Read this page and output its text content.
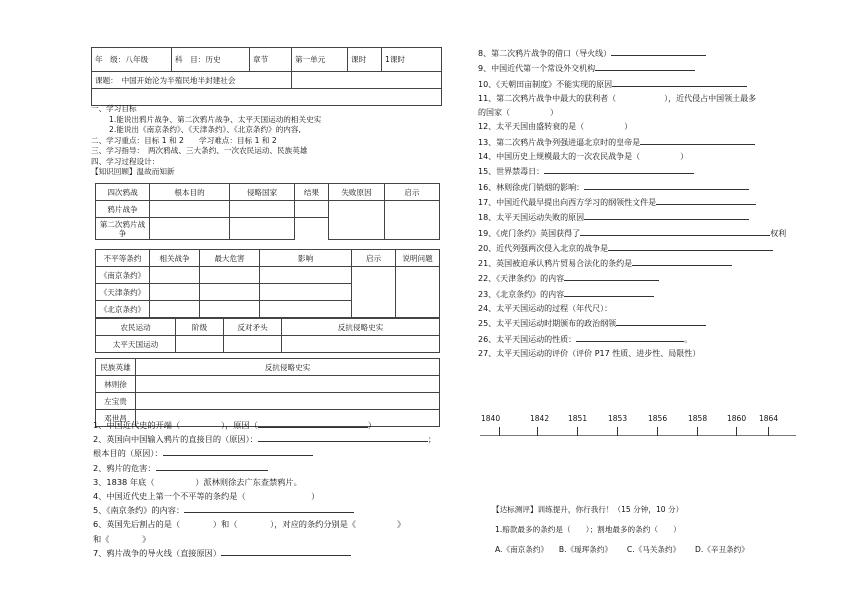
年　级：八年级	科　目：历史	章节	第一单元	课时	1课时
课题：　中国开始沦为半殖民地半封建社会					

一、学习目标
1.能说出鸦片战争、第二次鸦片战争、太平天国运动的相关史实
2.能说出《南京条约》、《天津条约》、《北京条约》的内容,
二、学习重点：目标 1 和 2　　学习难点：目标 1 和 2
三、学习指导：　两次鸦战、三大条约、一次农民运动、民族英雄
四、学习过程设计：
【知识回顾】温故而知新
四次鸦战	根本目的	侵略国家	结果	失败原因	启示
鸦片战争					
第二次鸦片战争					
不平等条约	相关战争	最大危害	影响	启示	说明问题
《南京条约》					
《天津条约》					
《北京条约》					
农民运动	阶级	反对矛头	反抗侵略史实
太平天国运动			
民族英雄	反抗侵略史实
林则徐	
左宝贵	
邓世昌	
1、中国近代史的开端（　　　　　），原因（	）
2、英国向中国输入鸦片的直接目的（原因）：	；
根本目的（原因）：
2、鸦片的危害：
3、1838 年底（　　　　　）派林则徐去广东查禁鸦片。
4、中国近代史上第一个不平等的条约是（　　　　　　　　）
5、《南京条约》的内容：
6、英国先后割占的是（　　　　）和（　　　　），对应的条约分别是《　　　　　》
和《　　　　》
7、鸦片战争的导火线（直接原因）
8、第二次鸦片战争的借口（导火线）
9、中国近代第一个常设外交机构
10、《天朝田亩制度》不能实现的原因
11、第二次鸦片战争中最大的获利者（　　　　　　），近代侵占中国领土最多
的国家（　　　　　）
12、太平天国由盛转衰的是（　　　　　）
13、第二次鸦片战争列强进逼北京时的皇帝是
14、中国历史上规模最大的一次农民战争是（　　　　　）
15、世界禁毒日：
16、林则徐虎门销烟的影响：
17、中国近代最早提出向西方学习的纲领性文件是
18、太平天国运动失败的原因
19、《虎门条约》英国获得了	权利
20、近代列强两次侵入北京的战争是
21、英国被迫承认鸦片贸易合法化的条约是
22、《天津条约》的内容
23、《北京条约》的内容
24、太平天国运动的过程（年代尺）：
25、太平天国运动时期颁布的政治纲领
26、太平天国运动的性质：	。
27、太平天国运动的评价（评价 P17 性质、进步性、局限性）
1840	1842	1851	1853	1856	1858	1860 1864
【达标测评】训练提升，你行我行！（15 分钟，10 分）
1.赔款最多的条约是（　　）；割地最多的条约（　　）
A.《南京条约》 B.《瑷珲条约》 C.《马关条约》 D.《辛丑条约》
